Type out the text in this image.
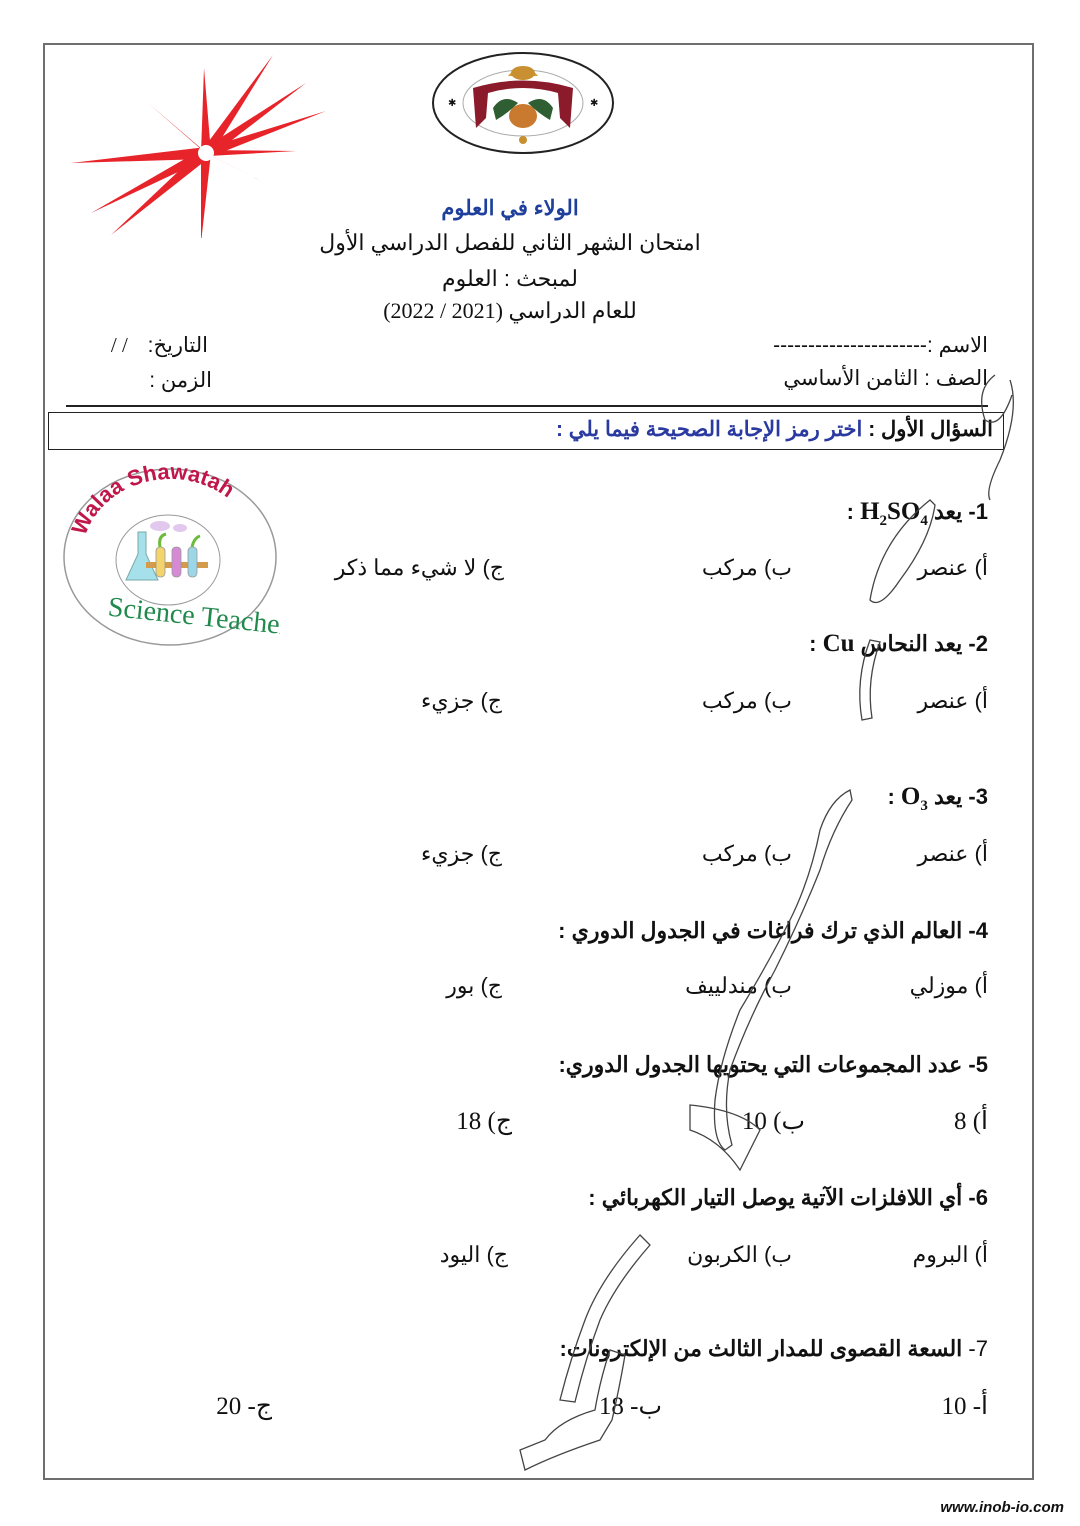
✱	✱
الولاء في العلوم
امتحان الشهر الثاني للفصل الدراسي الأول
لمبحث : العلوم
للعام الدراسي (2021 / 2022)
الاسم :----------------------
الصف : الثامن الأساسي
التاريخ: / /
الزمن :
السؤال الأول : اختر رمز الإجابة الصحيحة فيما يلي :
Walaa Shawatah
Science Teacher
1- يعد $H_2SO_4$ :
أ) عنصر
ب) مركب
ج) لا شيء مما ذكر
2- يعد النحاس Cu :
أ) عنصر
ب) مركب
ج) جزيء
3- يعد $O_3$ :
أ) عنصر
ب) مركب
ج) جزيء
4- العالم الذي ترك فراغات في الجدول الدوري :
أ) موزلي
ب) مندلييف
ج) بور
5- عدد المجموعات التي يحتويها الجدول الدوري:
أ) 8
ب) 10
ج) 18
6- أي اللافلزات الآتية يوصل التيار الكهربائي :
أ) البروم
ب) الكربون
ج) اليود
7- السعة القصوى للمدار الثالث من الإلكترونات:
أ- 10
ب- 18
ج- 20
www.inob-io.com
